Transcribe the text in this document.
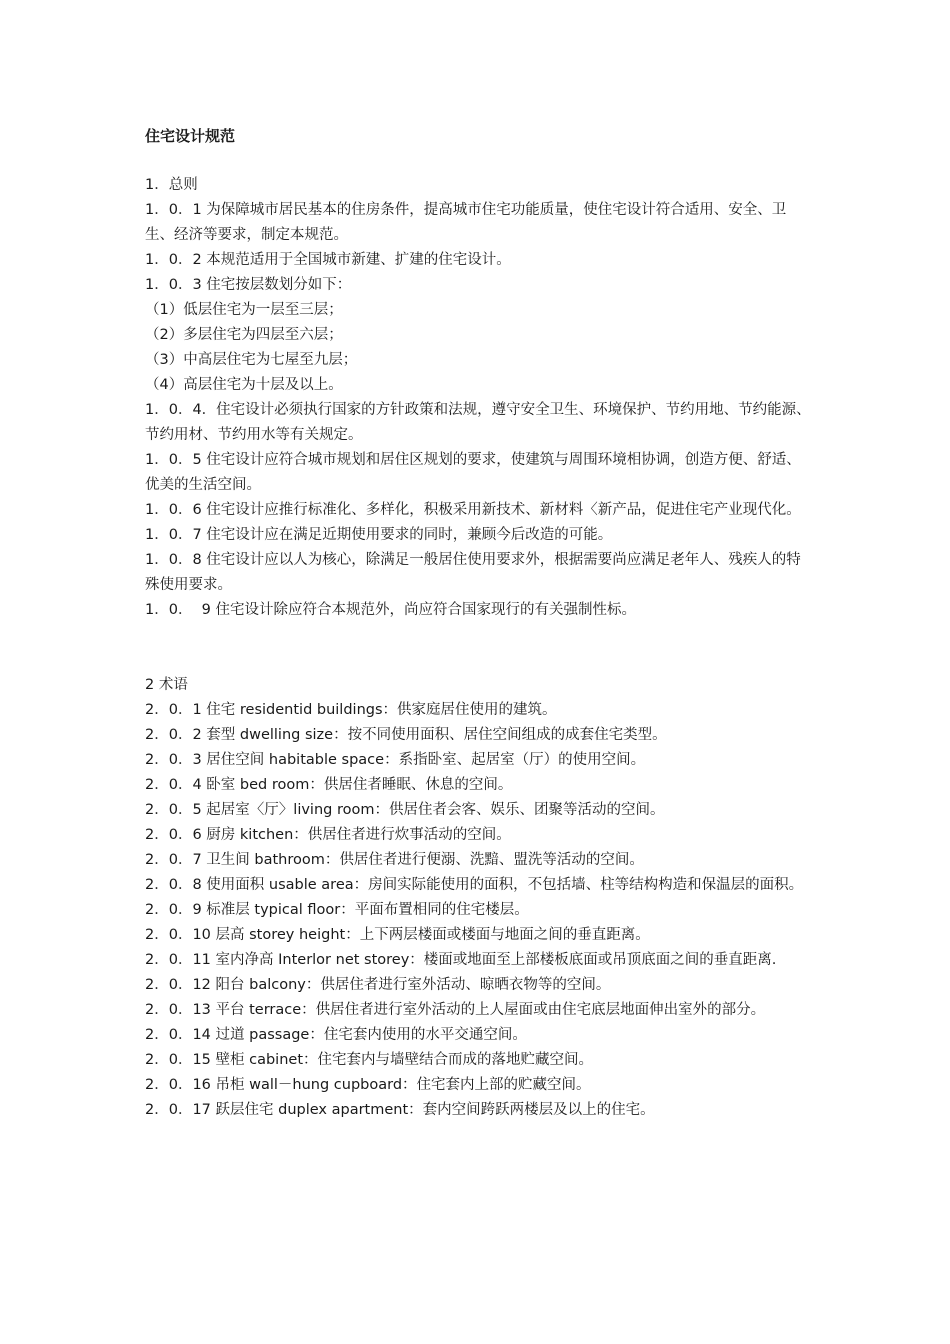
住宅设计规范
1．总则

1．0．1 为保障城市居民基本的住房条件，提高城市住宅功能质量，使住宅设计符合适用、安全、卫生、经济等要求，制定本规范。

1．0．2 本规范适用于全国城市新建、扩建的住宅设计。

1．0．3 住宅按层数划分如下：

（1）低层住宅为一层至三层；

（2）多层住宅为四层至六层；

（3）中高层住宅为七屋至九层；

（4）高层住宅为十层及以上。

1．0．4．住宅设计必须执行国家的方针政策和法规，遵守安全卫生、环境保护、节约用地、节约能源、节约用材、节约用水等有关规定。

1．0．5 住宅设计应符合城市规划和居住区规划的要求，使建筑与周围环境相协调，创造方便、舒适、优美的生活空间。

1．0．6 住宅设计应推行标准化、多样化，积极采用新技术、新材料〈新产品，促进住宅产业现代化。

1．0．7 住宅设计应在满足近期使用要求的同时，兼顾今后改造的可能。

1．0．8 住宅设计应以人为核心，除满足一般居住使用要求外，根据需要尚应满足老年人、残疾人的特殊使用要求。

1．0．  9 住宅设计除应符合本规范外，尚应符合国家现行的有关强制性标。

2 术语

2．0．1 住宅 residentid buildings：供家庭居住使用的建筑。

2．0．2 套型 dwelling size：按不同使用面积、居住空间组成的成套住宅类型。

2．0．3 居住空间 habitable space：系指卧室、起居室（厅）的使用空间。

2．0．4 卧室 bed room：供居住者睡眠、休息的空间。

2．0．5 起居室〈厅〉living room：供居住者会客、娱乐、团聚等活动的空间。

2．0．6 厨房 kitchen：供居住者进行炊事活动的空间。

2．0．7 卫生间 bathroom：供居住者进行便溺、洗黯、盟洗等活动的空间。

2．0．8 使用面积 usable area：房间实际能使用的面积，不包括墙、柱等结构构造和保温层的面积。

2．0．9 标准层 typical floor：平面布置相同的住宅楼层。

2．0．10 层高 storey height：上下两层楼面或楼面与地面之间的垂直距离。

2．0．11 室内净高 Interlor net storey：楼面或地面至上部楼板底面或吊顶底面之间的垂直距离.

2．0．12 阳台 balcony：供居住者进行室外活动、晾晒衣物等的空间。

2．0．13 平台 terrace：供居住者进行室外活动的上人屋面或由住宅底层地面伸出室外的部分。

2．0．14 过道 passage：住宅套内使用的水平交通空间。

2．0．15 壁柜 cabinet：住宅套内与墙壁结合而成的落地贮藏空间。

2．0．16 吊柜 wall－hung cupboard：住宅套内上部的贮藏空间。

2．0．17 跃层住宅 duplex apartment：套内空间跨跃两楼层及以上的住宅。
